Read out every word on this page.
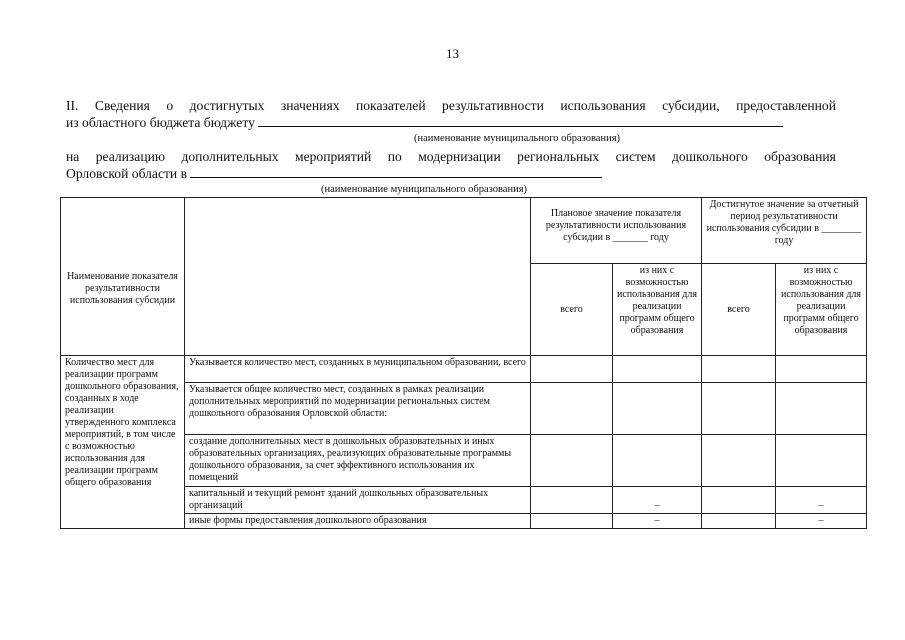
13
II. Сведения о достигнутых значениях показателей результативности использования субсидии, предоставленной
из областного бюджета бюджету
(наименование муниципального образования)
на реализацию дополнительных мероприятий по модернизации региональных систем дошкольного образования
Орловской области в
(наименование муниципального образования)
Наименование показателя результативности использования субсидии		Плановое значение показателя результативности использования субсидии в _______ году		Достигнутое значение за отчетный период результативности использования субсидии в ________ году	
		всего	из них с возможностью использования для реализации программ общего образования	всего	из них с возможностью использования для реализации программ общего образования
Количество мест для реализации программ дошкольного образования, созданных в ходе реализации утвержденного комплекса мероприятий, в том числе с возможностью использования для реализации программ общего образования	Указывается количество мест, созданных в муниципальном образовании, всего				
	Указывается общее количество мест, созданных в рамках реализации дополнительных мероприятий по модернизации региональных систем дошкольного образования Орловской области:				
	создание дополнительных мест в дошкольных образовательных и иных образовательных организациях, реализующих образовательные программы дошкольного образования, за счет эффективного использования их помещений				
	капитальный и текущий ремонт зданий дошкольных образовательных организаций		–		–
	иные формы предоставления дошкольного образования		–		–
